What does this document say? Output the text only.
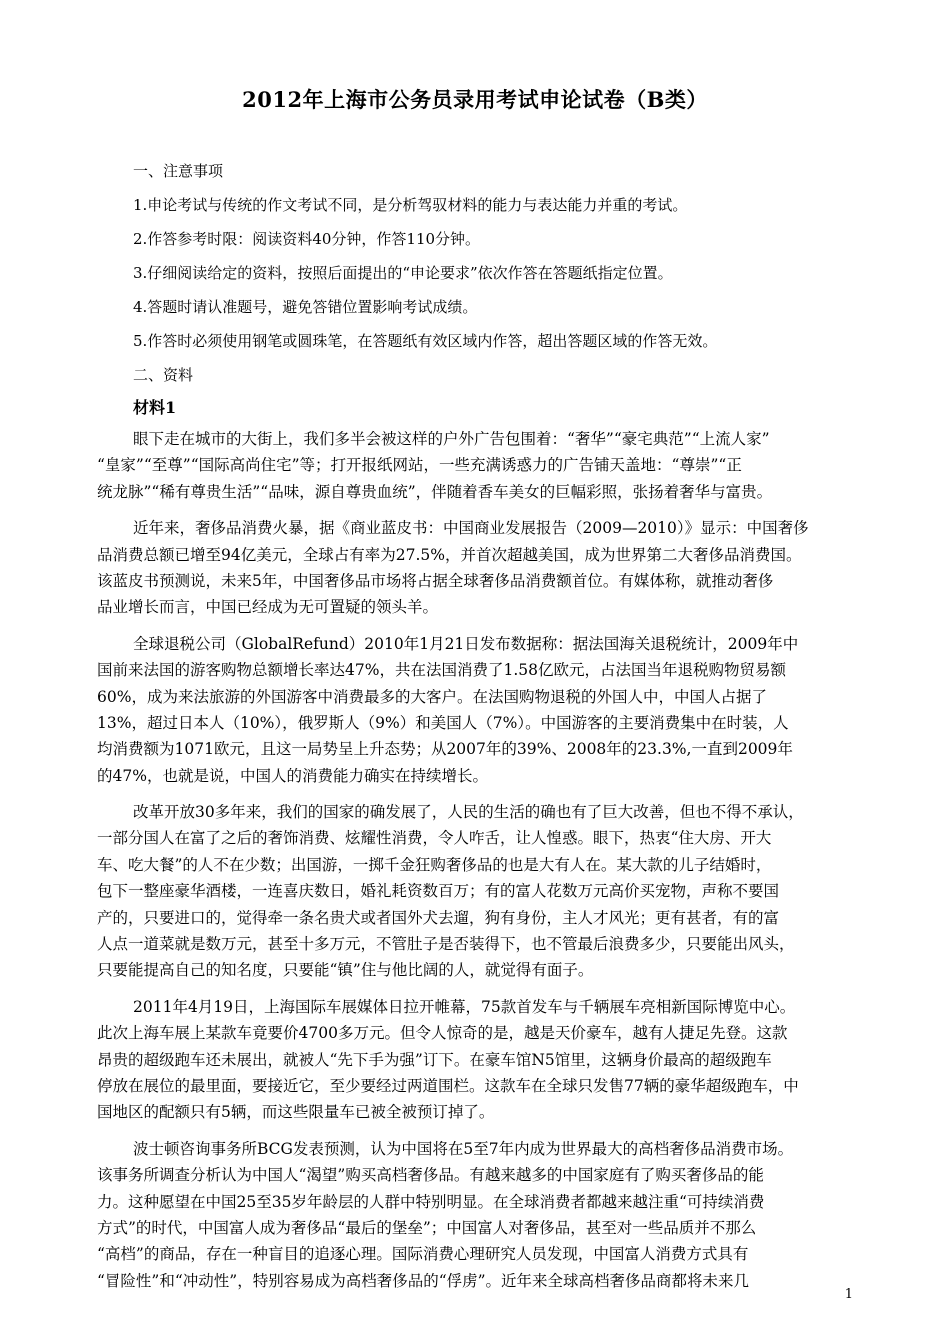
2012年上海市公务员录用考试申论试卷（B类）
一、注意事项
1.申论考试与传统的作文考试不同，是分析驾驭材料的能力与表达能力并重的考试。
2.作答参考时限：阅读资料40分钟，作答110分钟。
3.仔细阅读给定的资料，按照后面提出的“申论要求”依次作答在答题纸指定位置。
4.答题时请认准题号，避免答错位置影响考试成绩。
5.作答时必须使用钢笔或圆珠笔，在答题纸有效区域内作答，超出答题区域的作答无效。
二、资料
材料1
眼下走在城市的大街上，我们多半会被这样的户外广告包围着：“奢华”“豪宅典范”“上流人家”
“皇家”“至尊”“国际高尚住宅”等；打开报纸网站，一些充满诱惑力的广告铺天盖地：“尊崇”“正
统龙脉”“稀有尊贵生活”“品味，源自尊贵血统”，伴随着香车美女的巨幅彩照，张扬着奢华与富贵。
近年来，奢侈品消费火暴，据《商业蓝皮书：中国商业发展报告（2009—2010）》显示：中国奢侈
品消费总额已增至94亿美元，全球占有率为27.5%，并首次超越美国，成为世界第二大奢侈品消费国。
该蓝皮书预测说，未来5年，中国奢侈品市场将占据全球奢侈品消费额首位。有媒体称，就推动奢侈
品业增长而言，中国已经成为无可置疑的领头羊。
全球退税公司（GlobalRefund）2010年1月21日发布数据称：据法国海关退税统计，2009年中
国前来法国的游客购物总额增长率达47%，共在法国消费了1.58亿欧元，占法国当年退税购物贸易额
60%，成为来法旅游的外国游客中消费最多的大客户。在法国购物退税的外国人中，中国人占据了
13%，超过日本人（10%），俄罗斯人（9%）和美国人（7%）。中国游客的主要消费集中在时装，人
均消费额为1071欧元，且这一局势呈上升态势；从2007年的39%、2008年的23.3%,一直到2009年
的47%，也就是说，中国人的消费能力确实在持续增长。
改革开放30多年来，我们的国家的确发展了，人民的生活的确也有了巨大改善，但也不得不承认，
一部分国人在富了之后的奢饰消费、炫耀性消费，令人咋舌，让人惶惑。眼下，热衷“住大房、开大
车、吃大餐”的人不在少数；出国游，一掷千金狂购奢侈品的也是大有人在。某大款的儿子结婚时，
包下一整座豪华酒楼，一连喜庆数日，婚礼耗资数百万；有的富人花数万元高价买宠物，声称不要国
产的，只要进口的，觉得牵一条名贵犬或者国外犬去遛，狗有身份，主人才风光；更有甚者，有的富
人点一道菜就是数万元，甚至十多万元，不管肚子是否装得下，也不管最后浪费多少，只要能出风头，
只要能提高自己的知名度，只要能“镇”住与他比阔的人，就觉得有面子。
2011年4月19日，上海国际车展媒体日拉开帷幕，75款首发车与千辆展车亮相新国际博览中心。
此次上海车展上某款车竟要价4700多万元。但令人惊奇的是，越是天价豪车，越有人捷足先登。这款
昂贵的超级跑车还未展出，就被人“先下手为强”订下。在豪车馆N5馆里，这辆身价最高的超级跑车
停放在展位的最里面，要接近它，至少要经过两道围栏。这款车在全球只发售77辆的豪华超级跑车，中
国地区的配额只有5辆，而这些限量车已被全被预订掉了。
波士顿咨询事务所BCG发表预测，认为中国将在5至7年内成为世界最大的高档奢侈品消费市场。
该事务所调查分析认为中国人“渴望”购买高档奢侈品。有越来越多的中国家庭有了购买奢侈品的能
力。这种愿望在中国25至35岁年龄层的人群中特别明显。在全球消费者都越来越注重“可持续消费
方式”的时代，中国富人成为奢侈品“最后的堡垒”；中国富人对奢侈品，甚至对一些品质并不那么
“高档”的商品，存在一种盲目的追逐心理。国际消费心理研究人员发现，中国富人消费方式具有
“冒险性”和“冲动性”，特别容易成为高档奢侈品的“俘虏”。近年来全球高档奢侈品商都将未来几
1
